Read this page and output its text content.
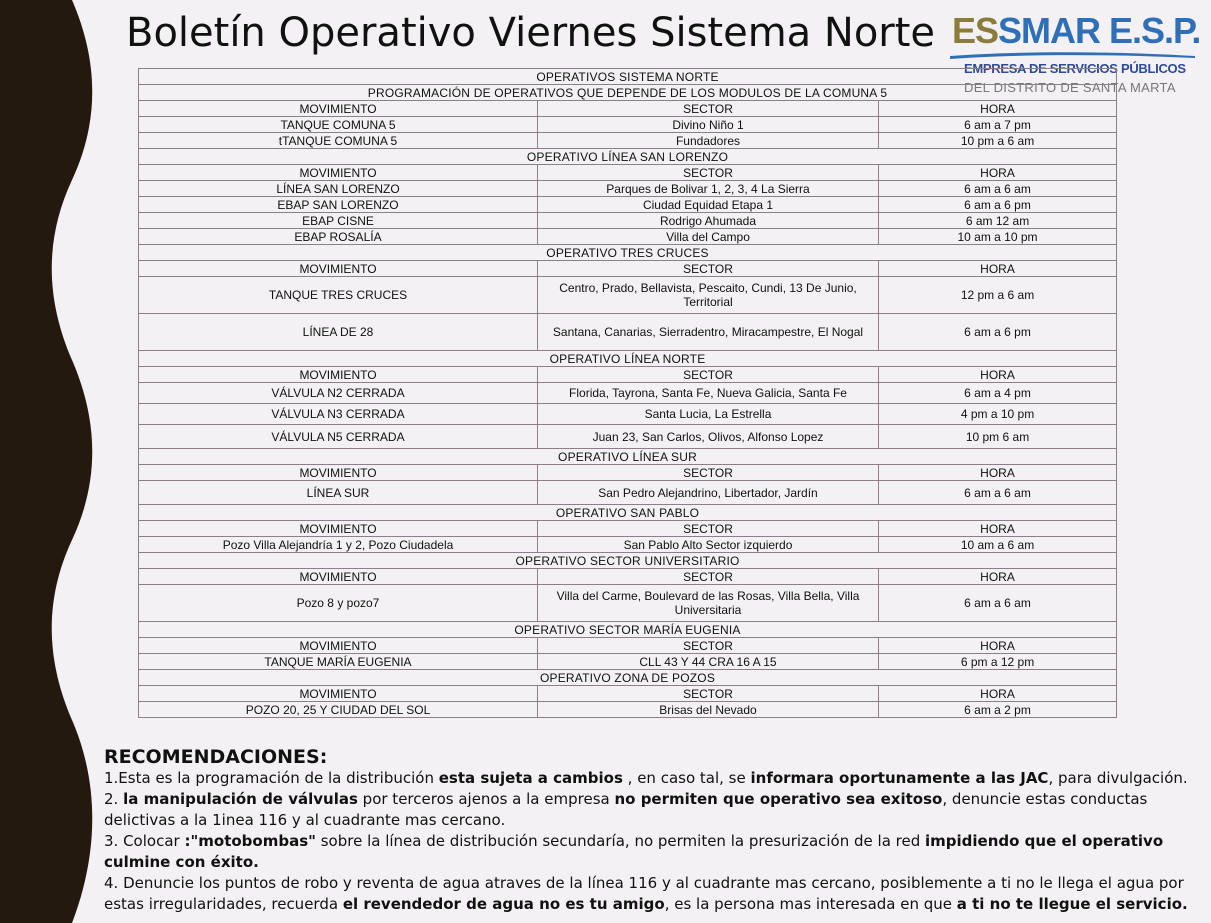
Boletín Operativo Viernes Sistema Norte ESSMAR E.S.P.
EMPRESA DE SERVICIOS PÚBLICOS
DEL DISTRITO DE SANTA MARTA
OPERATIVOS SISTEMA NORTE		
PROGRAMACIÓN DE OPERATIVOS QUE DEPENDE DE LOS MODULOS DE LA COMUNA 5		
MOVIMIENTO	SECTOR	HORA
TANQUE COMUNA 5	Divino Niño 1	6 am a 7 pm
tTANQUE COMUNA 5	Fundadores	10 pm a 6 am
OPERATIVO LÍNEA SAN LORENZO		
MOVIMIENTO	SECTOR	HORA
LÍNEA SAN LORENZO	Parques de Bolivar 1, 2, 3, 4 La Sierra	6 am a 6 am
EBAP SAN LORENZO	Ciudad Equidad Etapa 1	6 am a 6 pm
EBAP CISNE	Rodrigo Ahumada	6 am 12 am
EBAP ROSALÍA	Villa del Campo	10 am a 10 pm
OPERATIVO TRES CRUCES		
MOVIMIENTO	SECTOR	HORA
TANQUE TRES CRUCES	Centro, Prado, Bellavista, Pescaito, Cundi, 13 De Junio, Territorial	12 pm a 6 am
LÍNEA DE 28	Santana, Canarias, Sierradentro, Miracampestre, El Nogal	6 am a 6 pm
OPERATIVO LÍNEA NORTE		
MOVIMIENTO	SECTOR	HORA
VÁLVULA N2 CERRADA	Florida, Tayrona, Santa Fe, Nueva Galicia, Santa Fe	6 am a 4 pm
VÁLVULA N3 CERRADA	Santa Lucia, La Estrella	4 pm a 10 pm
VÁLVULA N5 CERRADA	Juan 23, San Carlos, Olivos, Alfonso Lopez	10 pm 6 am
OPERATIVO LÍNEA SUR		
MOVIMIENTO	SECTOR	HORA
LÍNEA SUR	San Pedro Alejandrino, Libertador, Jardín	6 am a 6 am
OPERATIVO SAN PABLO		
MOVIMIENTO	SECTOR	HORA
Pozo Villa Alejandría 1 y 2, Pozo Ciudadela	San Pablo Alto Sector izquierdo	10 am a 6 am
OPERATIVO SECTOR UNIVERSITARIO		
MOVIMIENTO	SECTOR	HORA
Pozo 8 y pozo7	Villa del Carme, Boulevard de las Rosas, Villa Bella, Villa Universitaria	6 am a 6 am
OPERATIVO SECTOR MARÍA EUGENIA		
MOVIMIENTO	SECTOR	HORA
TANQUE MARÍA EUGENIA	CLL 43 Y 44 CRA 16 A 15	6 pm a 12 pm
OPERATIVO ZONA DE POZOS		
MOVIMIENTO	SECTOR	HORA
POZO 20, 25 Y CIUDAD DEL SOL	Brisas del Nevado	6 am a 2 pm
RECOMENDACIONES:

1.Esta es la programación de la distribución esta sujeta a cambios , en caso tal, se informara oportunamente a las JAC, para divulgación.

2. la manipulación de válvulas por terceros ajenos a la empresa no permiten que operativo sea exitoso, denuncie estas conductas delictivas a la 1inea 116 y al cuadrante mas cercano.

3. Colocar :"motobombas" sobre la línea de distribución secundaría, no permiten la presurización de la red impidiendo que el operativo culmine con éxito.

4. Denuncie los puntos de robo y reventa de agua atraves de la línea 116 y al cuadrante mas cercano, posiblemente a ti no le llega el agua por estas irregularidades, recuerda el revendedor de agua no es tu amigo, es la persona mas interesada en que a ti no te llegue el servicio.
